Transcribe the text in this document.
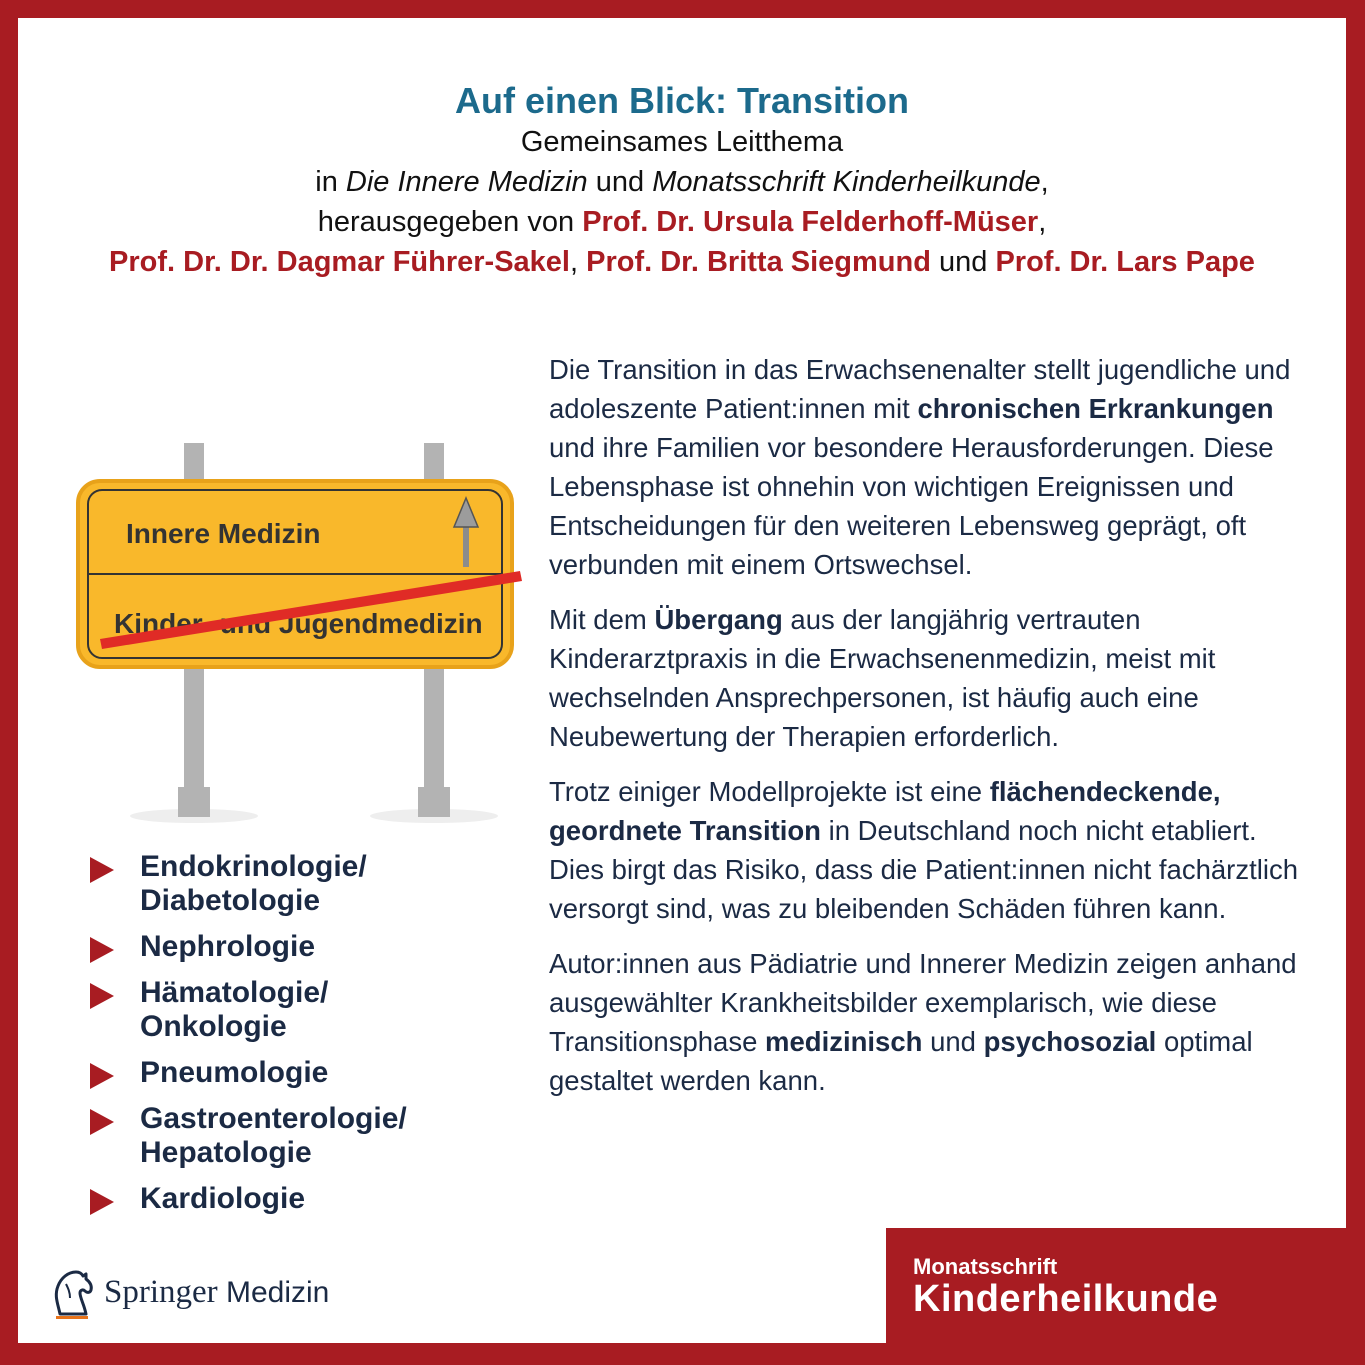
Auf einen Blick: Transition
Gemeinsames Leitthema
in Die Innere Medizin und Monatsschrift Kinderheilkunde,
herausgegeben von Prof. Dr. Ursula Felderhoff-Müser,
Prof. Dr. Dr. Dagmar Führer-Sakel, Prof. Dr. Britta Siegmund und Prof. Dr. Lars Pape
Innere Medizin
Kinder- und Jugendmedizin
Endokrinologie/
Diabetologie
Nephrologie
Hämatologie/
Onkologie
Pneumologie
Gastroenterologie/
Hepatologie
Kardiologie

Die Transition in das Erwachsenenalter stellt jugendliche und adoleszente Patient:innen mit chronischen Erkrankungen und ihre Familien vor besondere Herausforderungen. Diese Lebensphase ist ohnehin von wichtigen Ereignissen und Entscheidungen für den weiteren Lebensweg geprägt, oft verbunden mit einem Ortswechsel.

Mit dem Übergang aus der langjährig vertrauten Kinderarztpraxis in die Erwachsenenmedizin, meist mit wechselnden Ansprechpersonen, ist häufig auch eine Neubewertung der Therapien erforderlich.

Trotz einiger Modellprojekte ist eine flächendeckende, geordnete Transition in Deutschland noch nicht etabliert. Dies birgt das Risiko, dass die Patient:innen nicht fachärztlich versorgt sind, was zu bleibenden Schäden führen kann.

Autor:innen aus Pädiatrie und Innerer Medizin zeigen anhand ausgewählter Krankheitsbilder exemplarisch, wie diese Transitionsphase medizinisch und psychosozial optimal gestaltet werden kann.

Springer Medizin
Monatsschrift
Kinderheilkunde
